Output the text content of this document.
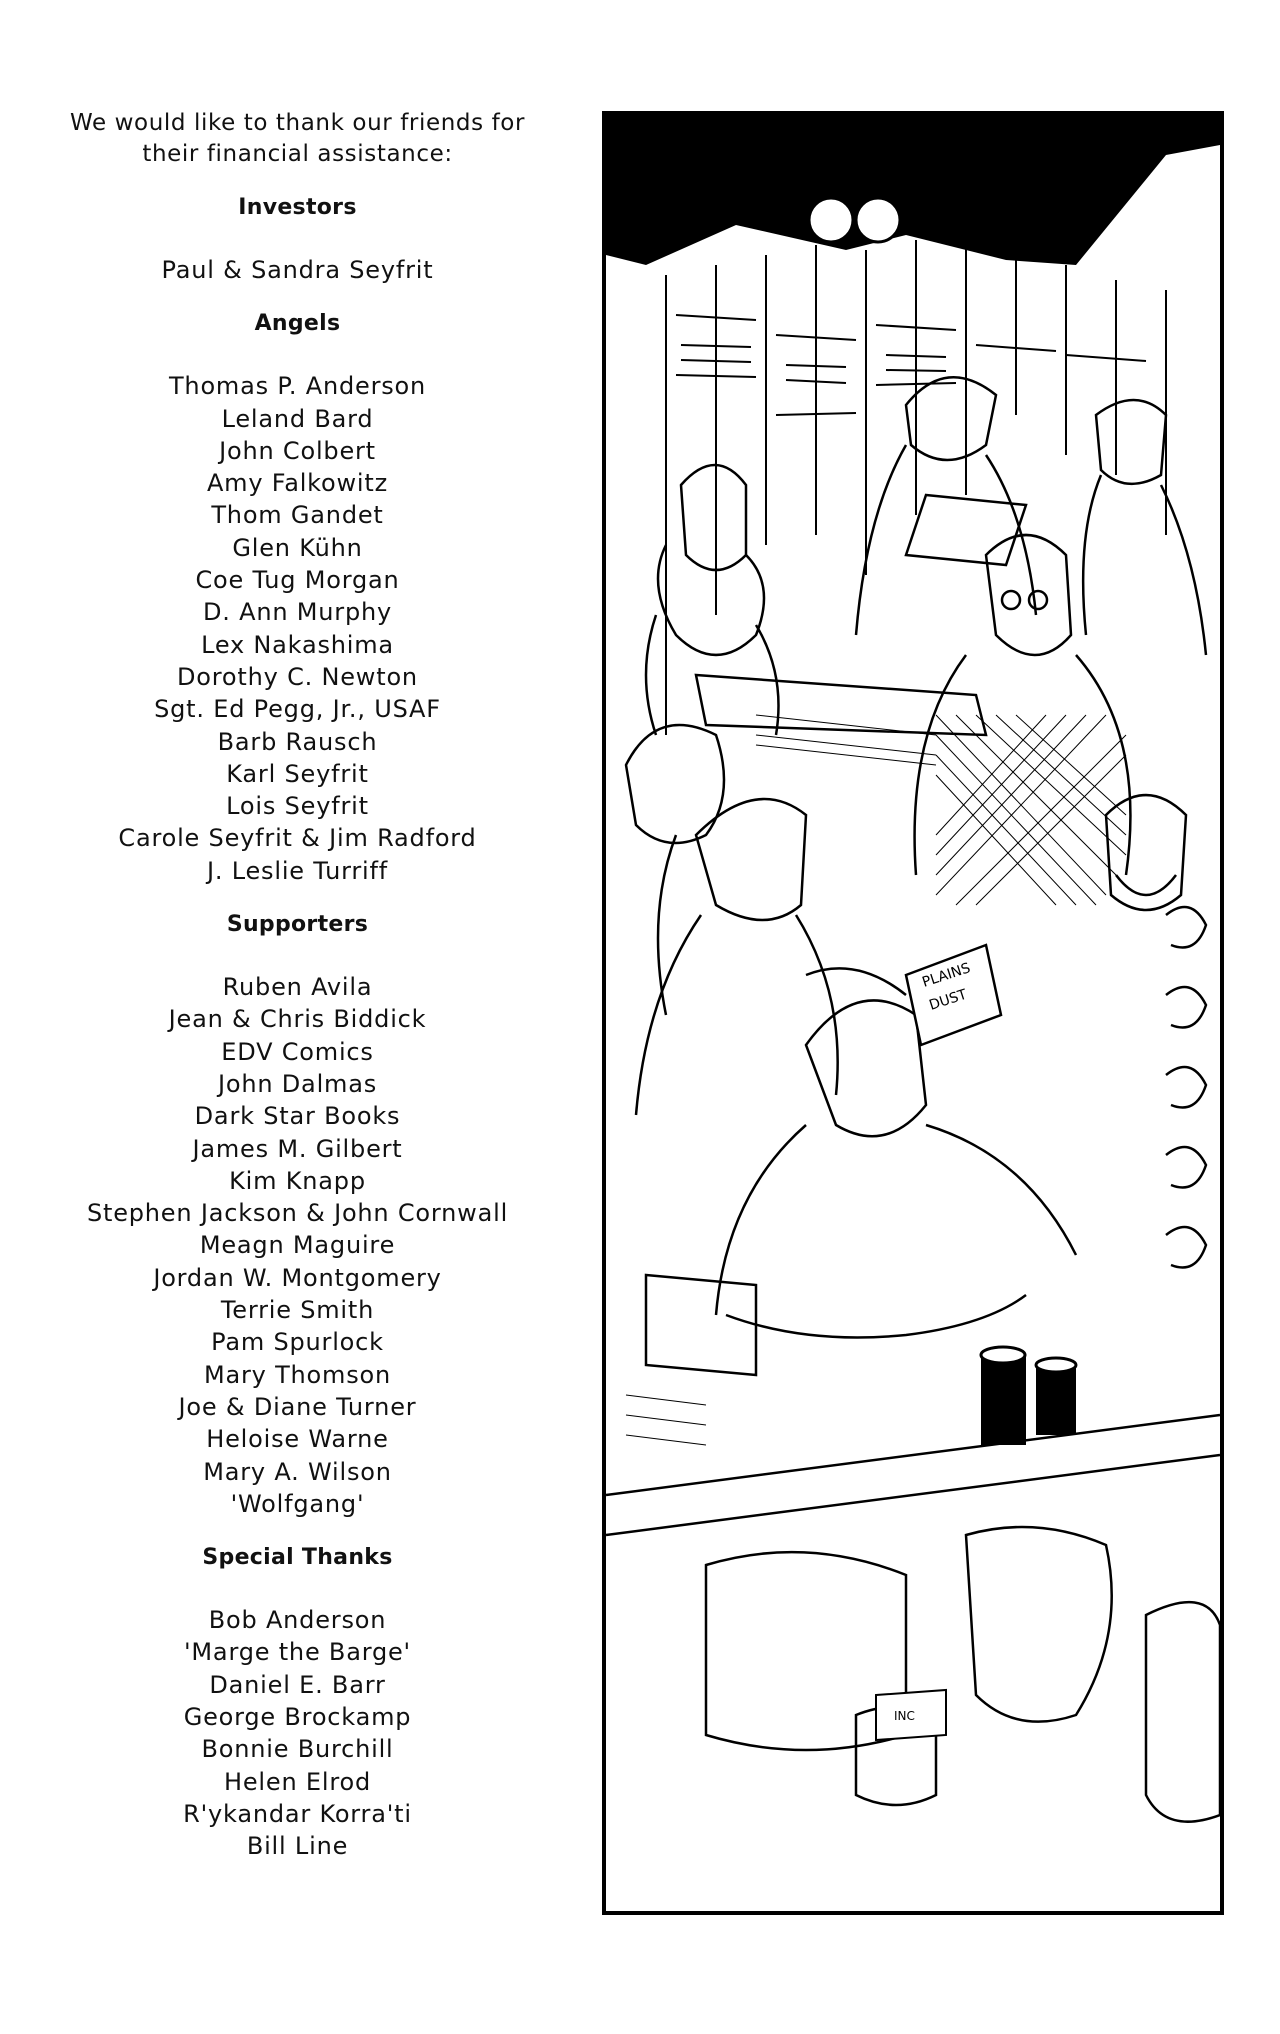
We would like to thank our friends for

their financial assistance:

Investors
Paul & Sandra Seyfrit
Angels
Thomas P. Anderson
Leland Bard
John Colbert
Amy Falkowitz
Thom Gandet
Glen Kühn
Coe Tug Morgan
D. Ann Murphy
Lex Nakashima
Dorothy C. Newton
Sgt. Ed Pegg, Jr., USAF
Barb Rausch
Karl Seyfrit
Lois Seyfrit
Carole Seyfrit & Jim Radford
J. Leslie Turriff
Supporters
Ruben Avila
Jean & Chris Biddick
EDV Comics
John Dalmas
Dark Star Books
James M. Gilbert
Kim Knapp
Stephen Jackson & John Cornwall
Meagn Maguire
Jordan W. Montgomery
Terrie Smith
Pam Spurlock
Mary Thomson
Joe & Diane Turner
Heloise Warne
Mary A. Wilson
'Wolfgang'
Special Thanks
Bob Anderson
'Marge the Barge'
Daniel E. Barr
George Brockamp
Bonnie Burchill
Helen Elrod
R'ykandar Korra'ti
Bill Line
PLAINS
DUST
INC
